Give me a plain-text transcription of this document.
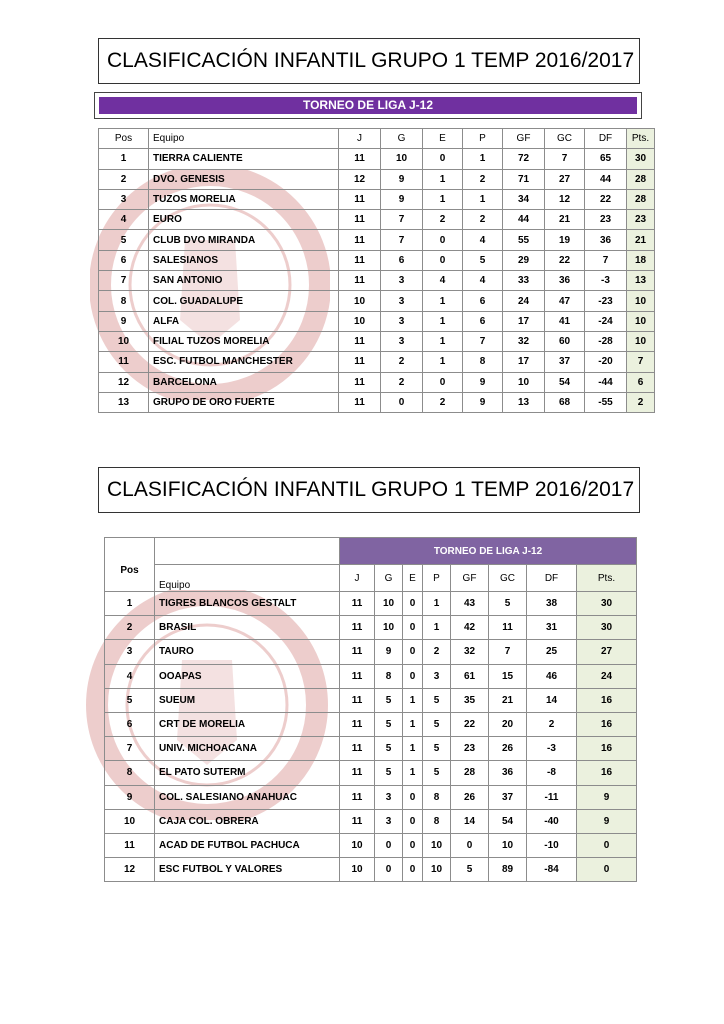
CLASIFICACIÓN INFANTIL GRUPO 1 TEMP 2016/2017
TORNEO DE LIGA J-12
Pos	Equipo	J	G	E	P	GF	GC	DF	Pts.
1	TIERRA CALIENTE	11	10	0	1	72	7	65	30
2	DVO. GENESIS	12	9	1	2	71	27	44	28
3	TUZOS MORELIA	11	9	1	1	34	12	22	28
4	EURO	11	7	2	2	44	21	23	23
5	CLUB DVO MIRANDA	11	7	0	4	55	19	36	21
6	SALESIANOS	11	6	0	5	29	22	7	18
7	SAN ANTONIO	11	3	4	4	33	36	-3	13
8	COL. GUADALUPE	10	3	1	6	24	47	-23	10
9	ALFA	10	3	1	6	17	41	-24	10
10	FILIAL TUZOS MORELIA	11	3	1	7	32	60	-28	10
11	ESC. FUTBOL MANCHESTER	11	2	1	8	17	37	-20	7
12	BARCELONA	11	2	0	9	10	54	-44	6
13	GRUPO DE ORO FUERTE	11	0	2	9	13	68	-55	2
CLASIFICACIÓN INFANTIL GRUPO 1 TEMP 2016/2017
Pos		TORNEO DE LIGA J-12							
	Equipo	J	G	E	P	GF	GC	DF	Pts.
1	TIGRES BLANCOS GESTALT	11	10	0	1	43	5	38	30
2	BRASIL	11	10	0	1	42	11	31	30
3	TAURO	11	9	0	2	32	7	25	27
4	OOAPAS	11	8	0	3	61	15	46	24
5	SUEUM	11	5	1	5	35	21	14	16
6	CRT DE MORELIA	11	5	1	5	22	20	2	16
7	UNIV. MICHOACANA	11	5	1	5	23	26	-3	16
8	EL PATO SUTERM	11	5	1	5	28	36	-8	16
9	COL. SALESIANO ANAHUAC	11	3	0	8	26	37	-11	9
10	CAJA COL. OBRERA	11	3	0	8	14	54	-40	9
11	ACAD DE FUTBOL PACHUCA	10	0	0	10	0	10	-10	0
12	ESC FUTBOL Y VALORES	10	0	0	10	5	89	-84	0
